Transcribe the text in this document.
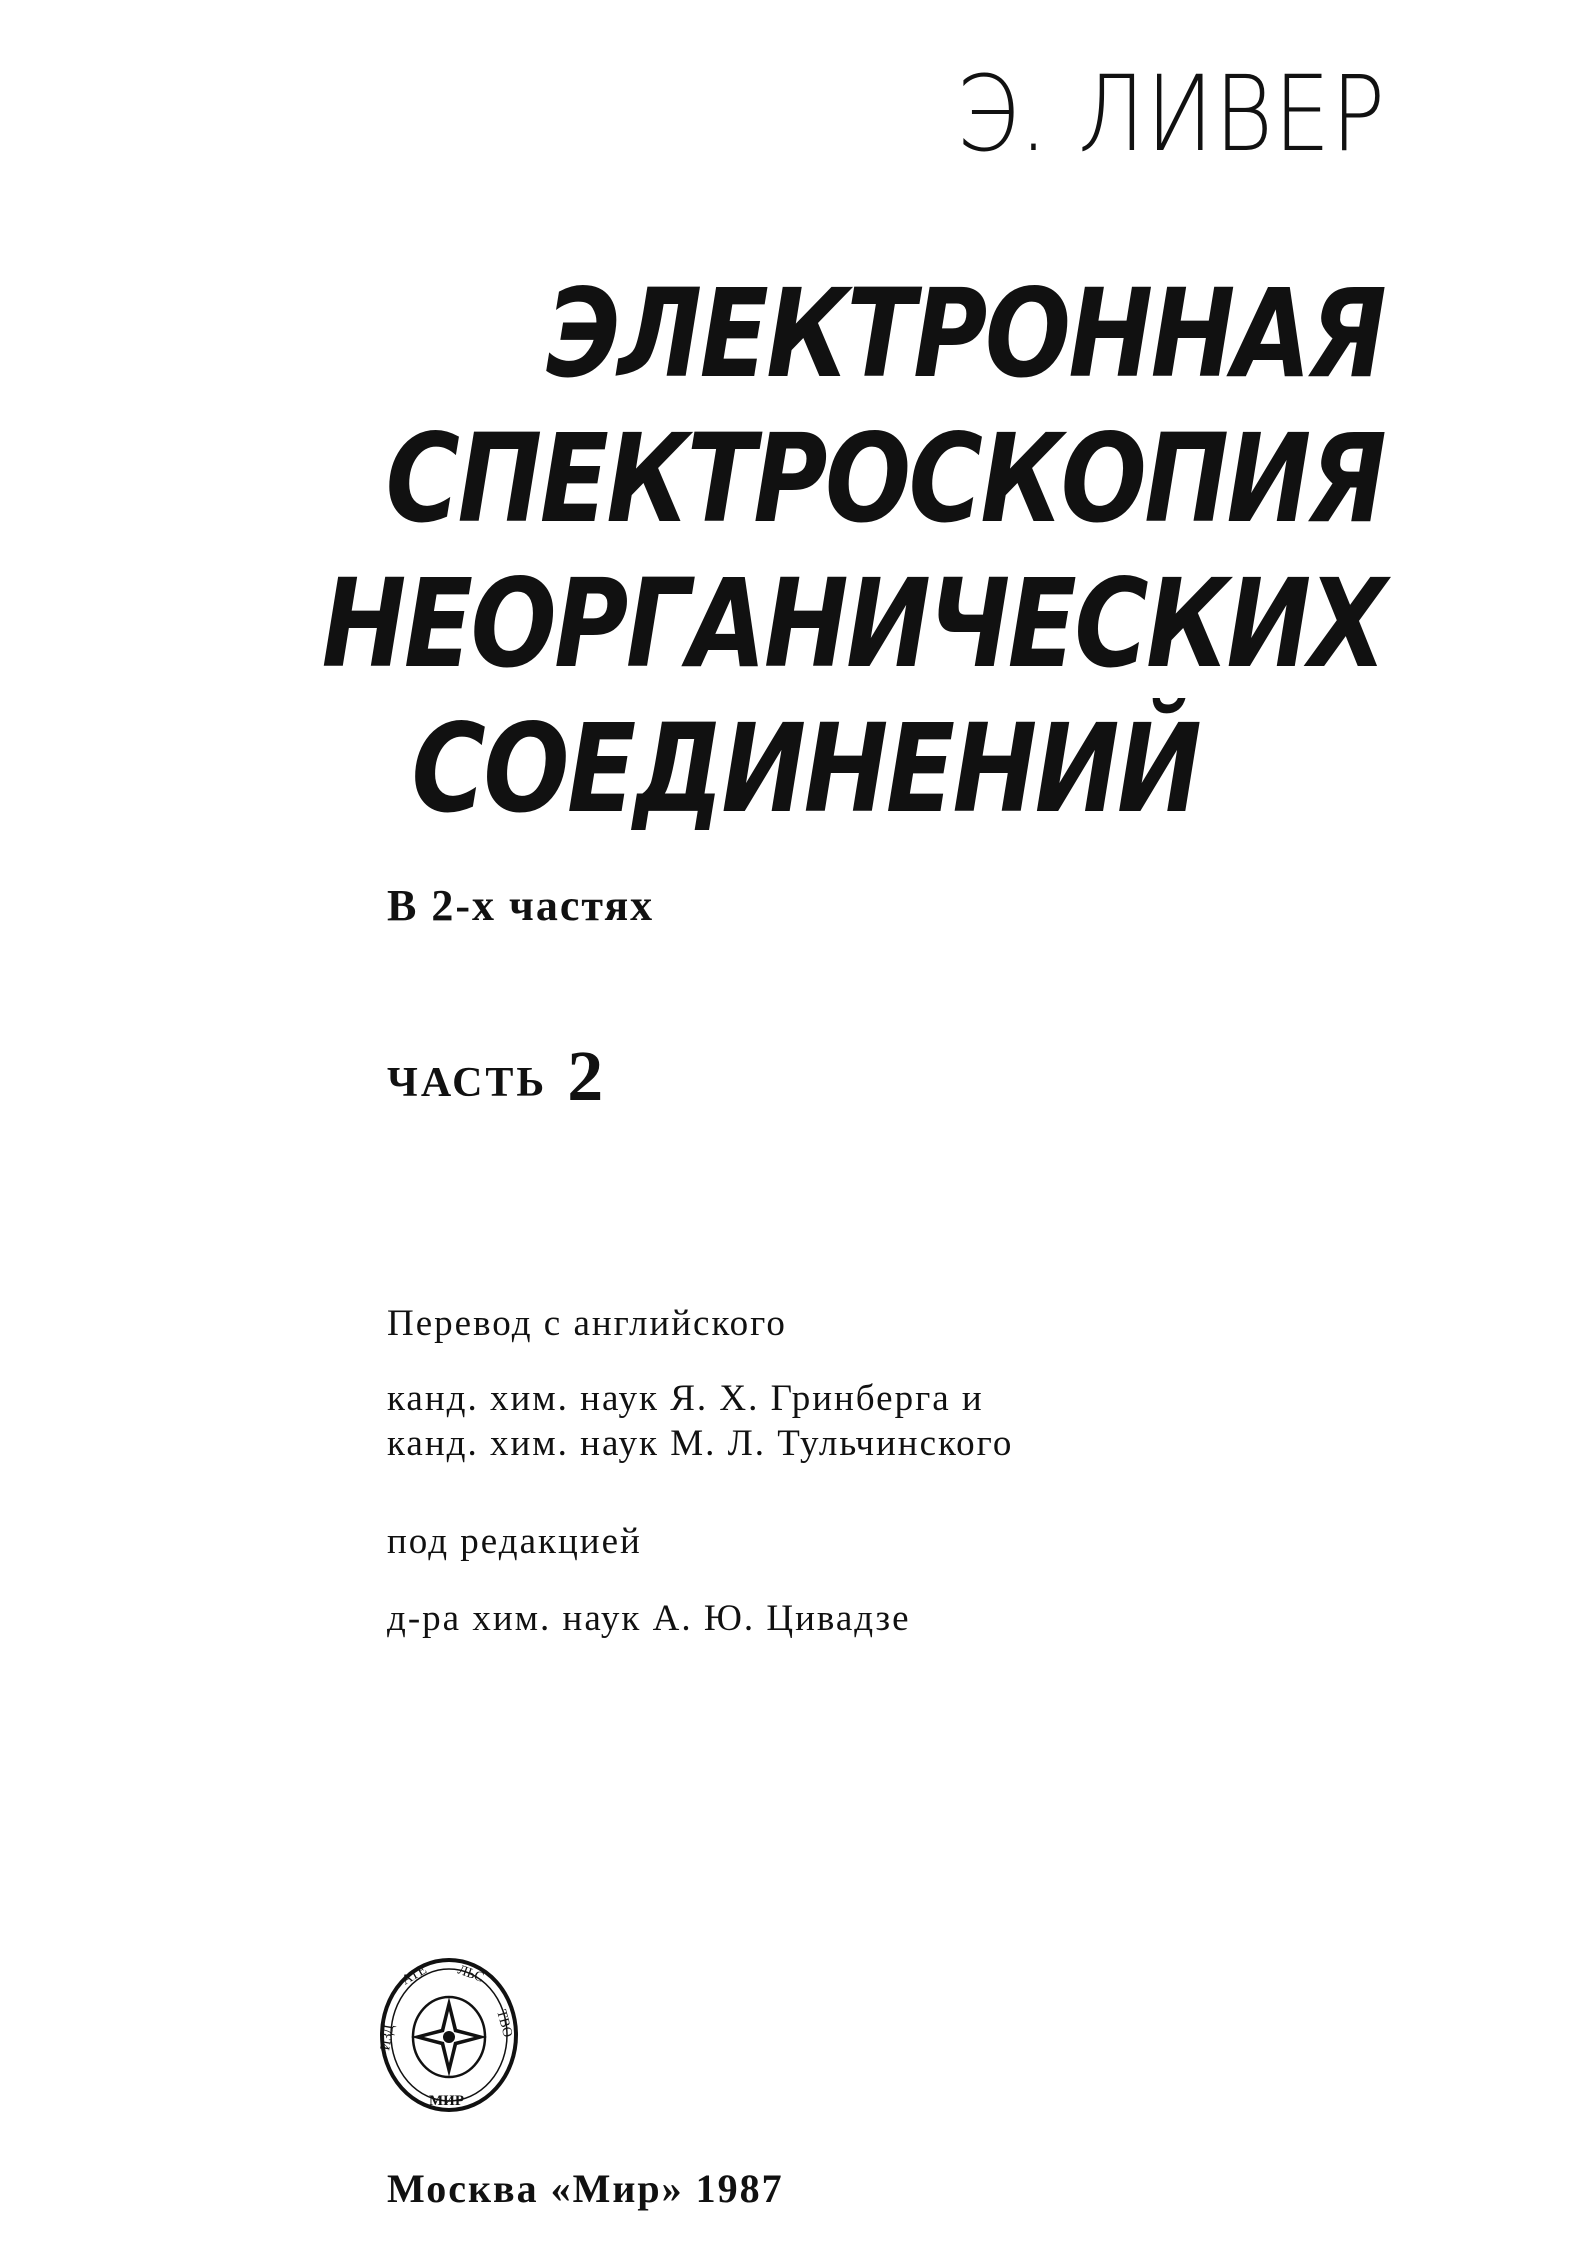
Э. ЛИВЕР
ЭЛЕКТРОННАЯ
СПЕКТРОСКОПИЯ
НЕОРГАНИЧЕСКИХ
СОЕДИНЕНИЙ
В 2-х частях
ЧАСТЬ 2
Перевод с английского
канд. хим. наук Я. Х. Гринберга и
канд. хим. наук М. Л. Тульчинского
под редакцией
д-ра хим. наук А. Ю. Цивадзе
ИЗД
АТЕ ЛЬС
ТВО
МИР
Москва «Мир» 1987
